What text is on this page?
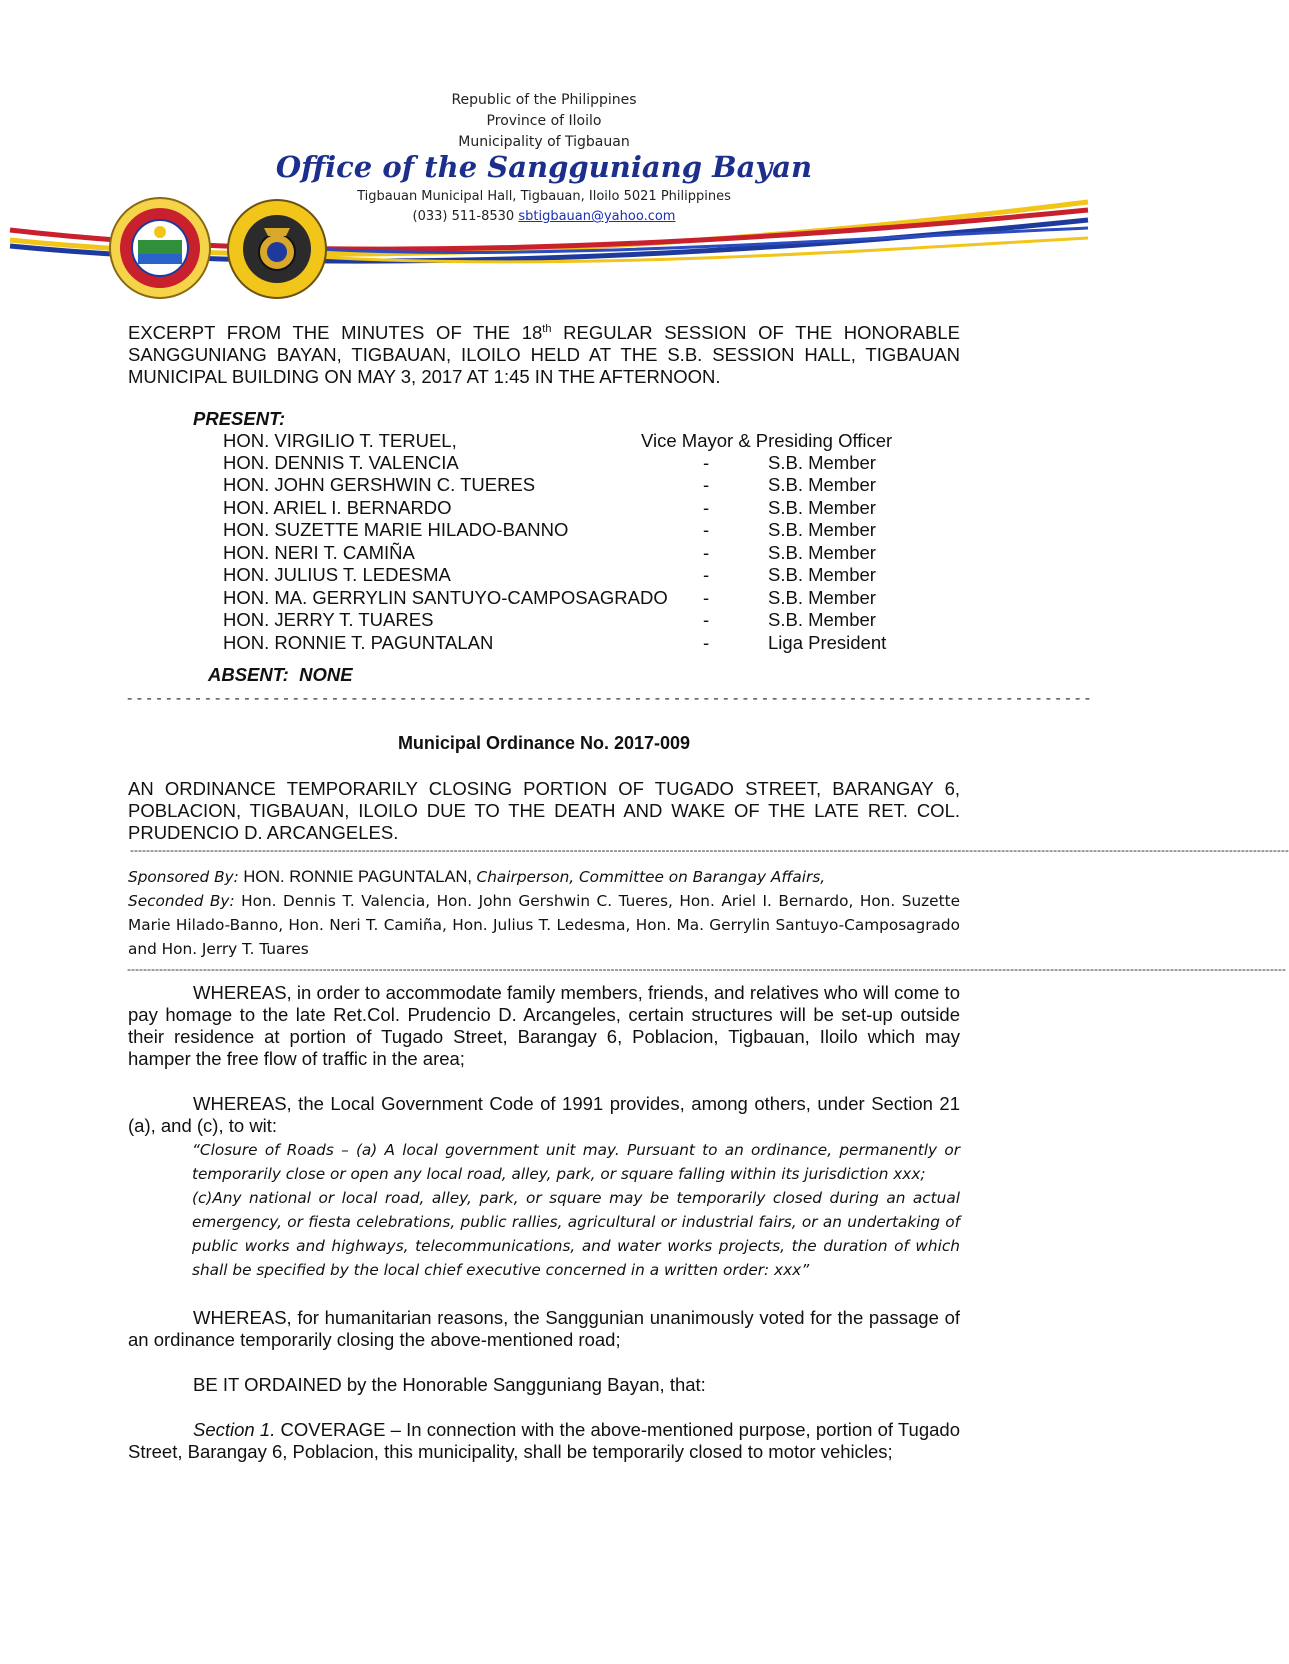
Republic of the Philippines
Province of Iloilo
Municipality of Tigbauan
Office of the Sangguniang Bayan
Tigbauan Municipal Hall, Tigbauan, Iloilo 5021 Philippines
(033) 511-8530 sbtigbauan@yahoo.com
EXCERPT FROM THE MINUTES OF THE 18th REGULAR SESSION OF THE HONORABLE SANGGUNIANG BAYAN, TIGBAUAN, ILOILO HELD AT THE S.B. SESSION HALL, TIGBAUAN MUNICIPAL BUILDING ON MAY 3, 2017 AT 1:45 IN THE AFTERNOON.
PRESENT:
HON. VIRGILIO T. TERUEL,	Vice Mayor & Presiding Officer
HON. DENNIS T. VALENCIA	-	S.B. Member
HON. JOHN GERSHWIN C. TUERES	-	S.B. Member
HON. ARIEL I. BERNARDO	-	S.B. Member
HON. SUZETTE MARIE HILADO-BANNO	-	S.B. Member
HON. NERI T. CAMIÑA	-	S.B. Member
HON. JULIUS T. LEDESMA	-	S.B. Member
HON. MA. GERRYLIN SANTUYO-CAMPOSAGRADO -	S.B. Member
HON. JERRY T. TUARES	-	S.B. Member
HON. RONNIE T. PAGUNTALAN	-	Liga President
ABSENT:  NONE
- - - - - - - - - - - - - - - - - - - - - - - - - - - - - - - - - - - - - - - - - - - - - - - - - - - - - - - - - - - - - - - - - - - - - - - - - - - - - - - - - - - - - - - - - - - - - - - - - - -
Municipal Ordinance No. 2017-009
AN ORDINANCE TEMPORARILY CLOSING PORTION OF TUGADO STREET, BARANGAY 6, POBLACION, TIGBAUAN, ILOILO DUE TO THE DEATH AND WAKE OF THE LATE RET. COL. PRUDENCIO D. ARCANGELES.
--------------------------------------------------------------------------------------------------------------------------------------------------------------------------------------------------------------------------------------------------------------------------------------------------
Sponsored By: HON. RONNIE PAGUNTALAN, Chairperson, Committee on Barangay Affairs,
Seconded By: Hon. Dennis T. Valencia, Hon. John Gershwin C. Tueres, Hon. Ariel I. Bernardo, Hon. Suzette Marie Hilado-Banno, Hon. Neri T. Camiña, Hon. Julius T. Ledesma, Hon. Ma. Gerrylin Santuyo-Camposagrado and Hon. Jerry T. Tuares
--------------------------------------------------------------------------------------------------------------------------------------------------------------------------------------------------------------------------------------------------------------------------------------------------
WHEREAS, in order to accommodate family members, friends, and relatives who will come to pay homage to the late Ret.Col. Prudencio D. Arcangeles, certain structures will be set-up outside their residence at portion of Tugado Street, Barangay 6, Poblacion, Tigbauan, Iloilo which may hamper the free flow of traffic in the area;
WHEREAS, the Local Government Code of 1991 provides, among others, under Section 21 (a), and (c), to wit:
“Closure of Roads – (a) A local government unit may. Pursuant to an ordinance, permanently or temporarily close or open any local road, alley, park, or square falling within its jurisdiction xxx;
(c)Any national or local road, alley, park, or square may be temporarily closed during an actual emergency, or fiesta celebrations, public rallies, agricultural or industrial fairs, or an undertaking of public works and highways, telecommunications, and water works projects, the duration of which shall be specified by the local chief executive concerned in a written order: xxx”
WHEREAS, for humanitarian reasons, the Sanggunian unanimously voted for the passage of an ordinance temporarily closing the above-mentioned road;
BE IT ORDAINED by the Honorable Sangguniang Bayan, that:
Section 1. COVERAGE – In connection with the above-mentioned purpose, portion of Tugado Street, Barangay 6, Poblacion, this municipality, shall be temporarily closed to motor vehicles;
